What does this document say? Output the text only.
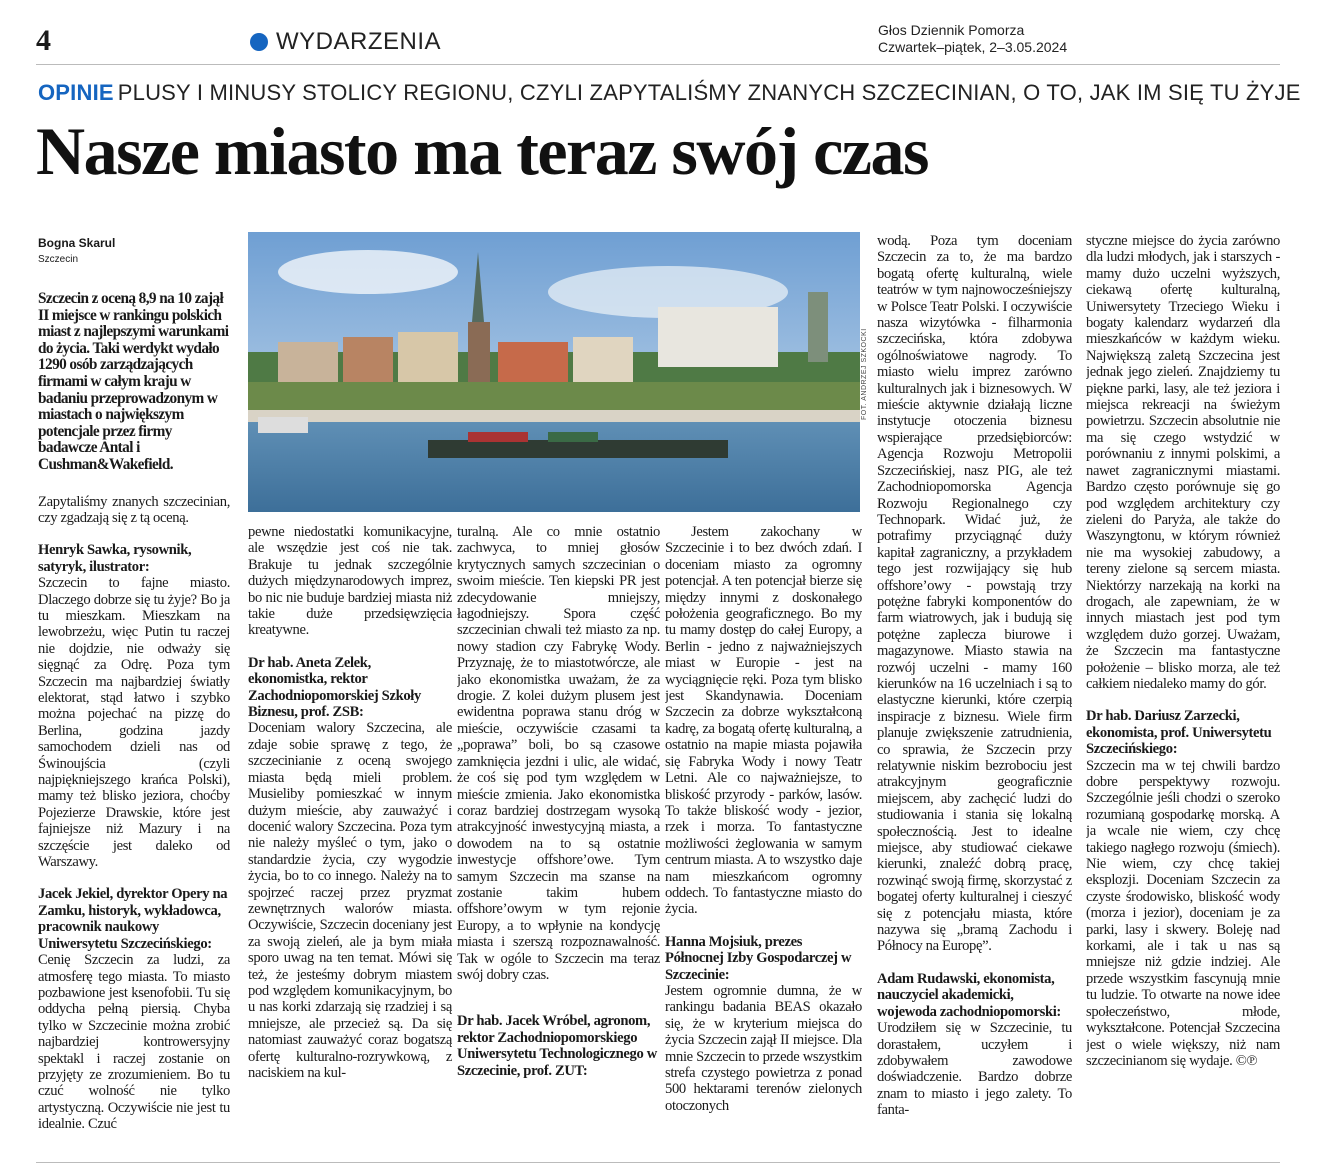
4	WYDARZENIA	Głos Dziennik Pomorza
Czwartek–piątek, 2–3.05.2024
OPINIE PLUSY I MINUSY STOLICY REGIONU, CZYLI ZAPYTALIŚMY ZNANYCH SZCZECINIAN, O TO, JAK IM SIĘ TU ŻYJE
Nasze miasto ma teraz swój czas
Bogna Skarul
Szczecin

Szczecin z oceną 8,9 na 10 zajął II miejsce w rankingu polskich miast z najlepszymi warunkami do życia. Taki werdykt wydało 1290 osób zarządzających firmami w całym kraju w badaniu przeprowadzonym w miastach o największym potencjale przez firmy badawcze Antal i Cushman&Wakefield.

Zapytaliśmy znanych szczecinian, czy zgadzają się z tą oceną.

Henryk Sawka, rysownik, satyryk, ilustrator:

Szczecin to fajne miasto. Dlaczego dobrze się tu żyje? Bo ja tu mieszkam. Mieszkam na lewobrzeżu, więc Putin tu raczej nie dojdzie, nie odważy się sięgnąć za Odrę. Poza tym Szczecin ma najbardziej światły elektorat, stąd łatwo i szybko można pojechać na pizzę do Berlina, godzina jazdy samochodem dzieli nas od Świnoujścia (czyli najpiękniejszego krańca Polski), mamy też blisko jeziora, choćby Pojezierze Drawskie, które jest fajniejsze niż Mazury i na szczęście jest daleko od Warszawy.

Jacek Jekiel, dyrektor Opery na Zamku, historyk, wykładowca, pracownik naukowy Uniwersytetu Szczecińskiego:

Cenię Szczecin za ludzi, za atmosferę tego miasta. To miasto pozbawione jest ksenofobii. Tu się oddycha pełną piersią. Chyba tylko w Szczecinie można zrobić najbardziej kontrowersyjny spektakl i raczej zostanie on przyjęty ze zrozumieniem. Bo tu czuć wolność nie tylko artystyczną. Oczywiście nie jest tu idealnie. Czuć

FOT. ANDRZEJ SZKOCKI

pewne niedostatki komunikacyjne, ale wszędzie jest coś nie tak. Brakuje tu jednak szczególnie dużych międzynarodowych imprez, bo nic nie buduje bardziej miasta niż takie duże przedsięwzięcia kreatywne.

Dr hab. Aneta Zelek, ekonomistka, rektor Zachodniopomorskiej Szkoły Biznesu, prof. ZSB:

Doceniam walory Szczecina, ale zdaje sobie sprawę z tego, że szczecinianie z oceną swojego miasta będą mieli problem. Musieliby pomieszkać w innym dużym mieście, aby zauważyć i docenić walory Szczecina. Poza tym nie należy myśleć o tym, jako o standardzie życia, czy wygodzie życia, bo to co innego. Należy na to spojrzeć raczej przez pryzmat zewnętrznych walorów miasta. Oczywiście, Szczecin doceniany jest za swoją zieleń, ale ja bym miała sporo uwag na ten temat. Mówi się też, że jesteśmy dobrym miastem pod względem komunikacyjnym, bo u nas korki zdarzają się rzadziej i są mniejsze, ale przecież są. Da się natomiast zauważyć coraz bogatszą ofertę kulturalno-rozrywkową, z naciskiem na kul-

turalną. Ale co mnie ostatnio zachwyca, to mniej głosów krytycznych samych szczecinian o swoim mieście. Ten kiepski PR jest zdecydowanie mniejszy, łagodniejszy. Spora część szczecinian chwali też miasto za np. nowy stadion czy Fabrykę Wody. Przyznaję, że to miastotwórcze, ale jako ekonomistka uważam, że za drogie. Z kolei dużym plusem jest ewidentna poprawa stanu dróg w mieście, oczywiście czasami ta „poprawa” boli, bo są czasowe zamknięcia jezdni i ulic, ale widać, że coś się pod tym względem w mieście zmienia. Jako ekonomistka coraz bardziej dostrzegam wysoką atrakcyjność inwestycyjną miasta, a dowodem na to są ostatnie inwestycje offshore’owe. Tym samym Szczecin ma szanse na zostanie takim hubem offshore’owym w tym rejonie Europy, a to wpłynie na kondycję miasta i szerszą rozpoznawalność. Tak w ogóle to Szczecin ma teraz swój dobry czas.

Dr hab. Jacek Wróbel, agronom, rektor Zachodniopomorskiego Uniwersytetu Technologicznego w Szczecinie, prof. ZUT:

Jestem zakochany w Szczecinie i to bez dwóch zdań. I doceniam miasto za ogromny potencjał. A ten potencjał bierze się między innymi z doskonałego położenia geograficznego. Bo my tu mamy dostęp do całej Europy, a Berlin - jedno z najważniejszych miast w Europie - jest na wyciągnięcie ręki. Poza tym blisko jest Skandynawia. Doceniam Szczecin za dobrze wykształconą kadrę, za bogatą ofertę kulturalną, a ostatnio na mapie miasta pojawiła się Fabryka Wody i nowy Teatr Letni. Ale co najważniejsze, to bliskość przyrody - parków, lasów. To także bliskość wody - jezior, rzek i morza. To fantastyczne możliwości żeglowania w samym centrum miasta. A to wszystko daje nam mieszkańcom ogromny oddech. To fantastyczne miasto do życia.

Hanna Mojsiuk, prezes Północnej Izby Gospodarczej w Szczecinie:

Jestem ogromnie dumna, że w rankingu badania BEAS okazało się, że w kryterium miejsca do życia Szczecin zajął II miejsce. Dla mnie Szczecin to przede wszystkim strefa czystego powietrza z ponad 500 hektarami terenów zielonych otoczonych

wodą. Poza tym doceniam Szczecin za to, że ma bardzo bogatą ofertę kulturalną, wiele teatrów w tym najnowocześniejszy w Polsce Teatr Polski. I oczywiście nasza wizytówka - filharmonia szczecińska, która zdobywa ogólnoświatowe nagrody. To miasto wielu imprez zarówno kulturalnych jak i biznesowych. W mieście aktywnie działają liczne instytucje otoczenia biznesu wspierające przedsiębiorców: Agencja Rozwoju Metropolii Szczecińskiej, nasz PIG, ale też Zachodniopomorska Agencja Rozwoju Regionalnego czy Technopark. Widać już, że potrafimy przyciągnąć duży kapitał zagraniczny, a przykładem tego jest rozwijający się hub offshore’owy - powstają trzy potężne fabryki komponentów do farm wiatrowych, jak i budują się potężne zaplecza biurowe i magazynowe. Miasto stawia na rozwój uczelni - mamy 160 kierunków na 16 uczelniach i są to elastyczne kierunki, które czerpią inspiracje z biznesu. Wiele firm planuje zwiększenie zatrudnienia, co sprawia, że Szczecin przy relatywnie niskim bezrobociu jest atrakcyjnym geograficznie miejscem, aby zachęcić ludzi do studiowania i stania się lokalną społecznością. Jest to idealne miejsce, aby studiować ciekawe kierunki, znaleźć dobrą pracę, rozwinąć swoją firmę, skorzystać z bogatej oferty kulturalnej i cieszyć się z potencjału miasta, które nazywa się „bramą Zachodu i Północy na Europę”.

Adam Rudawski, ekonomista, nauczyciel akademicki, wojewoda zachodniopomorski:

Urodziłem się w Szczecinie, tu dorastałem, uczyłem i zdobywałem zawodowe doświadczenie. Bardzo dobrze znam to miasto i jego zalety. To fanta-

styczne miejsce do życia zarówno dla ludzi młodych, jak i starszych - mamy dużo uczelni wyższych, ciekawą ofertę kulturalną, Uniwersytety Trzeciego Wieku i bogaty kalendarz wydarzeń dla mieszkańców w każdym wieku. Największą zaletą Szczecina jest jednak jego zieleń. Znajdziemy tu piękne parki, lasy, ale też jeziora i miejsca rekreacji na świeżym powietrzu. Szczecin absolutnie nie ma się czego wstydzić w porównaniu z innymi polskimi, a nawet zagranicznymi miastami. Bardzo często porównuje się go pod względem architektury czy zieleni do Paryża, ale także do Waszyngtonu, w którym również nie ma wysokiej zabudowy, a tereny zielone są sercem miasta. Niektórzy narzekają na korki na drogach, ale zapewniam, że w innych miastach jest pod tym względem dużo gorzej. Uważam, że Szczecin ma fantastyczne położenie – blisko morza, ale też całkiem niedaleko mamy do gór.

Dr hab. Dariusz Zarzecki, ekonomista, prof. Uniwersytetu Szczecińskiego:

Szczecin ma w tej chwili bardzo dobre perspektywy rozwoju. Szczególnie jeśli chodzi o szeroko rozumianą gospodarkę morską. A ja wcale nie wiem, czy chcę takiego nagłego rozwoju (śmiech). Nie wiem, czy chcę takiej eksplozji. Doceniam Szczecin za czyste środowisko, bliskość wody (morza i jezior), doceniam je za parki, lasy i skwery. Boleję nad korkami, ale i tak u nas są mniejsze niż gdzie indziej. Ale przede wszystkim fascynują mnie tu ludzie. To otwarte na nowe idee społeczeństwo, młode, wykształcone. Potencjał Szczecina jest o wiele większy, niż nam szczecinianom się wydaje. ©℗
